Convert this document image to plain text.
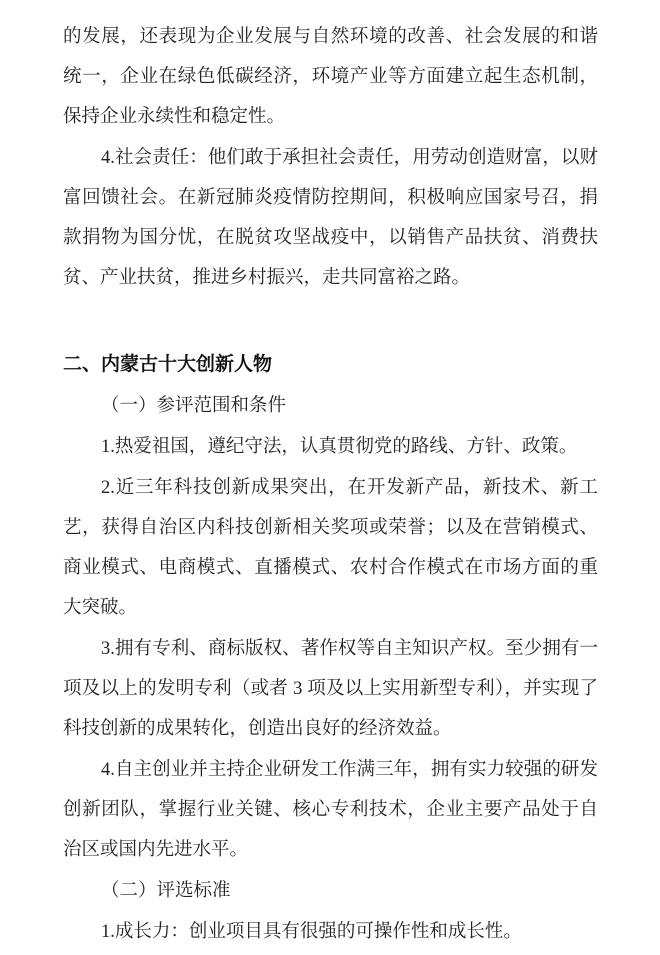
的发展，还表现为企业发展与自然环境的改善、社会发展的和谐统一，企业在绿色低碳经济，环境产业等方面建立起生态机制，保持企业永续性和稳定性。

4.社会责任：他们敢于承担社会责任，用劳动创造财富，以财富回馈社会。在新冠肺炎疫情防控期间，积极响应国家号召，捐款捐物为国分忧，在脱贫攻坚战疫中，以销售产品扶贫、消费扶贫、产业扶贫，推进乡村振兴，走共同富裕之路。

二、内蒙古十大创新人物

（一）参评范围和条件

1.热爱祖国，遵纪守法，认真贯彻党的路线、方针、政策。

2.近三年科技创新成果突出，在开发新产品，新技术、新工艺，获得自治区内科技创新相关奖项或荣誉；以及在营销模式、商业模式、电商模式、直播模式、农村合作模式在市场方面的重大突破。

3.拥有专利、商标版权、著作权等自主知识产权。至少拥有一项及以上的发明专利（或者 3 项及以上实用新型专利），并实现了科技创新的成果转化，创造出良好的经济效益。

4.自主创业并主持企业研发工作满三年，拥有实力较强的研发创新团队，掌握行业关键、核心专利技术，企业主要产品处于自治区或国内先进水平。

（二）评选标准

1.成长力：创业项目具有很强的可操作性和成长性。
